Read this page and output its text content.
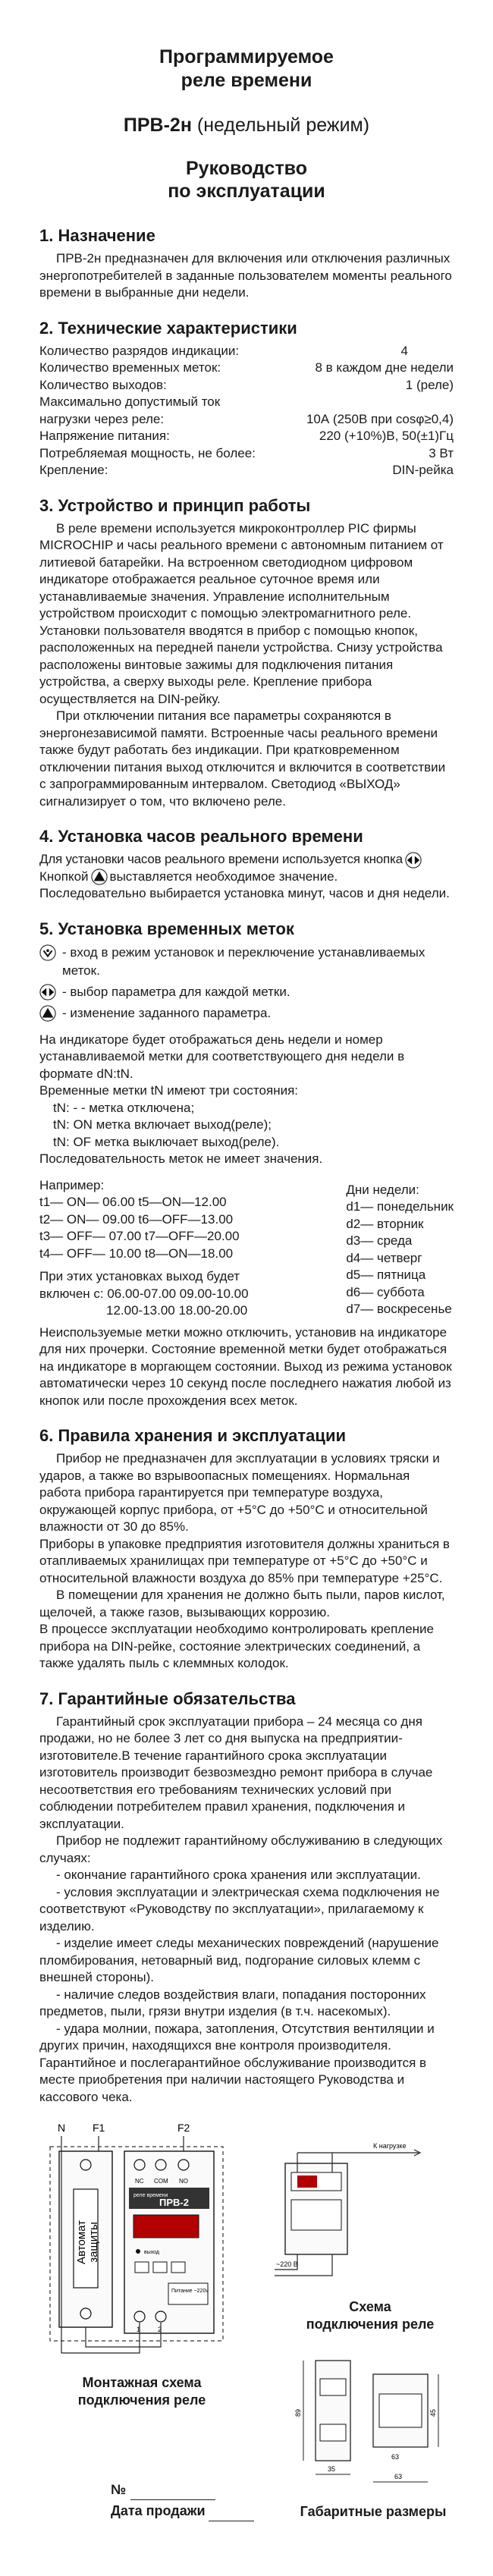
Программируемое
реле времени
ПРВ-2н (недельный режим)
Руководство
по эксплуатации
1. Назначение

ПРВ-2н предназначен для включения или отключения различных энергопотребителей в заданные пользователем моменты реального времени в выбранные дни недели.

2. Технические характеристики
Количество разрядов индикации:	4
Количество временных меток:	8 в каждом дне недели
Количество выходов:	1 (реле)

Максимально допустимый ток

нагрузки через реле:	10А (250В при cosφ≥0,4)
Напряжение питания:	220 (+10%)В, 50(±1)Гц
Потребляемая мощность, не более:	3 Вт
Крепление:	DIN-рейка
3. Устройство и принцип работы

В реле времени используется микроконтроллер PIC фирмы MICROCHIP и часы реального времени с автономным питанием от литиевой батарейки. На встроенном светодиодном цифровом индикаторе отображается реальное суточное время или устанавливаемые значения. Управление исполнительным устройством происходит с помощью электромагнитного реле.

Установки пользователя вводятся в прибор с помощью кнопок, расположенных на передней панели устройства. Снизу устройства расположены винтовые зажимы для подключения питания устройства, а сверху выходы реле. Крепление прибора осуществляется на DIN-рейку.

При отключении питания все параметры сохраняются в энергонезависимой памяти. Встроенные часы реального времени также будут работать без индикации. При кратковременном отключении питания выход отключится и включится в соответствии с запрограммированным интервалом. Светодиод «ВЫХОД» сигнализирует о том, что включено реле.

4. Установка часов реального времени

Для установки часов реального времени используется кнопка

Кнопкой выставляется необходимое значение.

Последовательно выбирается установка минут, часов и дня недели.

5. Установка временных меток
- вход в режим установок и переключение устанавливаемых меток.
- выбор параметра для каждой метки.
- изменение заданного параметра.

На индикаторе будет отображаться день недели и номер устанавливаемой метки для соответствующего дня недели в формате dN:tN.

Временные метки tN имеют три состояния:

tN: - - метка отключена;

tN: ON метка включает выход(реле);

tN: OF метка выключает выход(реле).

Последовательность меток не имеет значения.

Например:

t1— ON— 06.00 t5—ON—12.00

t2— ON— 09.00 t6—OFF—13.00

t3— OFF— 07.00 t7—OFF—20.00

t4— OFF— 10.00 t8—ON—18.00

При этих установках выход будет

включен с: 06.00-07.00 09.00-10.00

12.00-13.00 18.00-20.00

Дни недели:

d1— понедельник

d2— вторник

d3— среда

d4— четверг

d5— пятница

d6— суббота

d7— воскресенье

Неиспользуемые метки можно отключить, установив на индикаторе для них прочерки. Состояние временной метки будет отображаться на индикаторе в моргающем состоянии. Выход из режима установок автоматически через 10 секунд после последнего нажатия любой из кнопок или после прохождения всех меток.

6. Правила хранения и эксплуатации

Прибор не предназначен для эксплуатации в условиях тряски и ударов, а также во взрывоопасных помещениях. Нормальная работа прибора гарантируется при температуре воздуха, окружающей корпус прибора, от +5°С до +50°С и относительной влажности от 30 до 85%.

Приборы в упаковке предприятия изготовителя должны храниться в отапливаемых хранилищах при температуре от +5°С до +50°С и относительной влажности воздуха до 85% при температуре +25°С.

В помещении для хранения не должно быть пыли, паров кислот, щелочей, а также газов, вызывающих коррозию.

В процессе эксплуатации необходимо контролировать крепление прибора на DIN-рейке, состояние электрических соединений, а также удалять пыль с клеммных колодок.

7. Гарантийные обязательства

Гарантийный срок эксплуатации прибора – 24 месяца со дня продажи, но не более 3 лет со дня выпуска на предприятии-изготовителе.В течение гарантийного срока эксплуатации изготовитель производит безвозмездно ремонт прибора в случае несоответствия его требованиям технических условий при соблюдении потребителем правил хранения, подключения и эксплуатации.

Прибор не подлежит гарантийному обслуживанию в следующих случаях:

- окончание гарантийного срока хранения или эксплуатации.

- условия эксплуатации и электрическая схема подключения не соответствуют «Руководству по эксплуатации», прилагаемому к изделию.

- изделие имеет следы механических повреждений (нарушение пломбирования, нетоварный вид, подгорание силовых клемм с внешней стороны).

- наличие следов воздействия влаги, попадания посторонних предметов, пыли, грязи внутри изделия (в т.ч. насекомых).

- удара молнии, пожара, затопления, Отсутствия вентиляции и других причин, находящихся вне контроля производителя.

Гарантийное и послегарантийное обслуживание производится в месте приобретения при наличии настоящего Руководства и кассового чека.

N	F1	F2
Автомат защиты
NC COM NO
реле времени
ПРВ-2
выход
Питание ~220v
1	2
Монтажная схема
подключения реле
К нагрузке
~220 В
Схема
подключения реле
89	45
35
63
63
Габаритные размеры
№
Дата продажи
